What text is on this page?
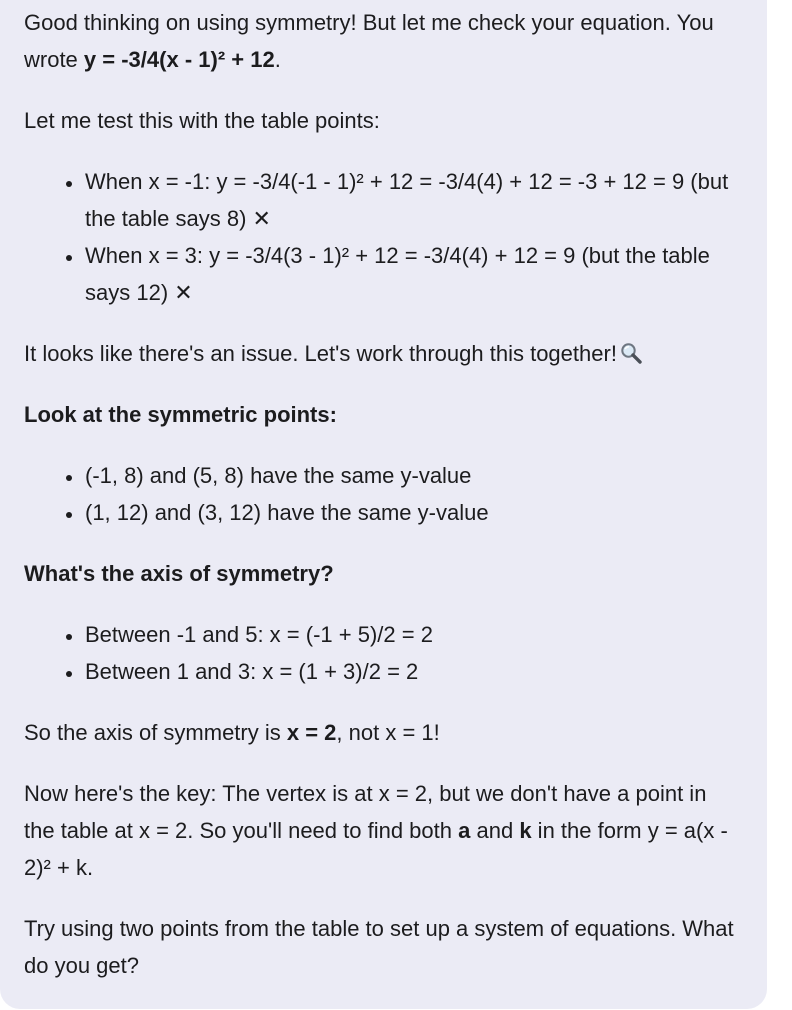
Good thinking on using symmetry! But let me check your equation. You wrote y = -3/4(x - 1)² + 12.

Let me test this with the table points:

• When x = -1: y = -3/4(-1 - 1)² + 12 = -3/4(4) + 12 = -3 + 12 = 9 (but the table says 8) ✕
• When x = 3: y = -3/4(3 - 1)² + 12 = -3/4(4) + 12 = 9 (but the table says 12) ✕

It looks like there's an issue. Let's work through this together!

Look at the symmetric points:

• (-1, 8) and (5, 8) have the same y-value
• (1, 12) and (3, 12) have the same y-value

What's the axis of symmetry?

• Between -1 and 5: x = (-1 + 5)/2 = 2
• Between 1 and 3: x = (1 + 3)/2 = 2

So the axis of symmetry is x = 2, not x = 1!

Now here's the key: The vertex is at x = 2, but we don't have a point in the table at x = 2. So you'll need to find both a and k in the form y = a(x - 2)² + k.

Try using two points from the table to set up a system of equations. What do you get?
